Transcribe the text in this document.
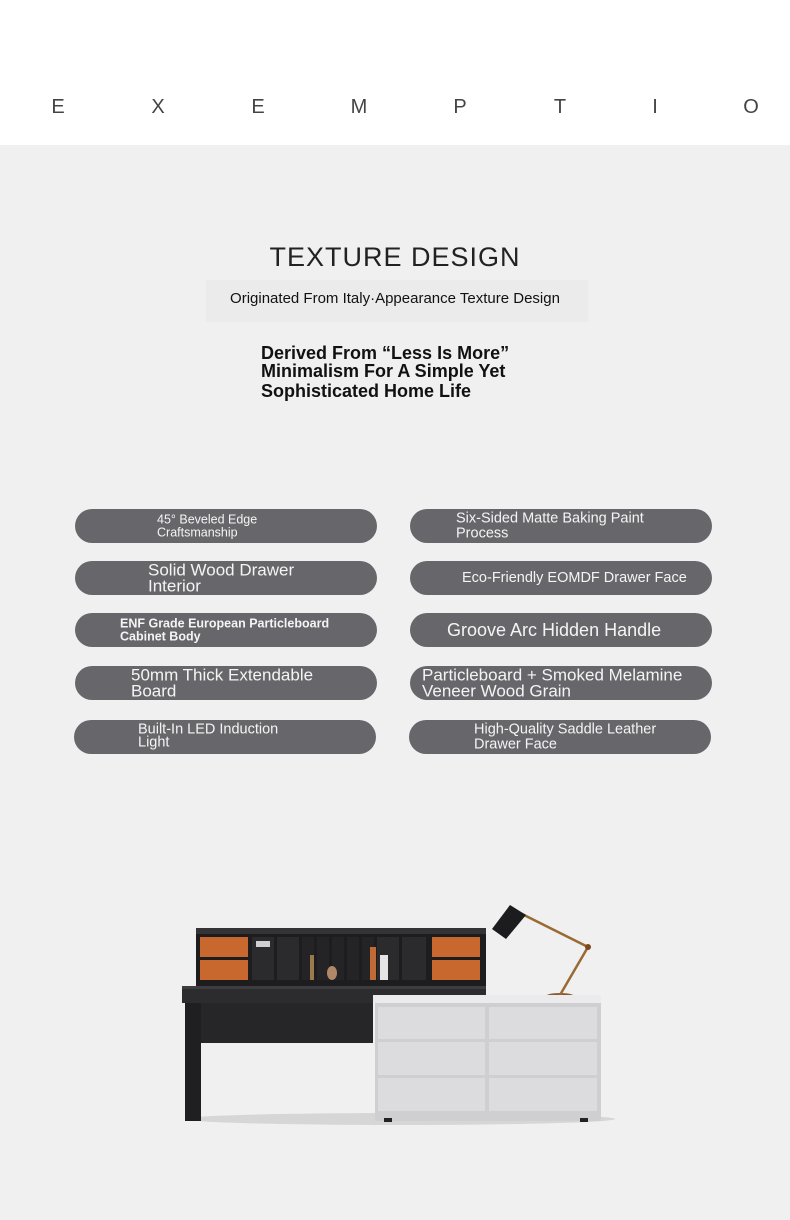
E	X	E	M	P	T	I	O
TEXTURE DESIGN
Originated From Italy·Appearance Texture Design
Derived From “Less Is More”
Minimalism For A Simple Yet
Sophisticated Home Life
45° Beveled Edge
Craftsmanship
Six-Sided Matte Baking Paint
Process
Solid Wood Drawer
Interior	Eco-Friendly EOMDF Drawer Face
ENF Grade European Particleboard
Cabinet Body	Groove Arc Hidden Handle
50mm Thick Extendable
Board
Particleboard + Smoked Melamine
Veneer Wood Grain
Built-In LED Induction
Light
High-Quality Saddle Leather
Drawer Face
